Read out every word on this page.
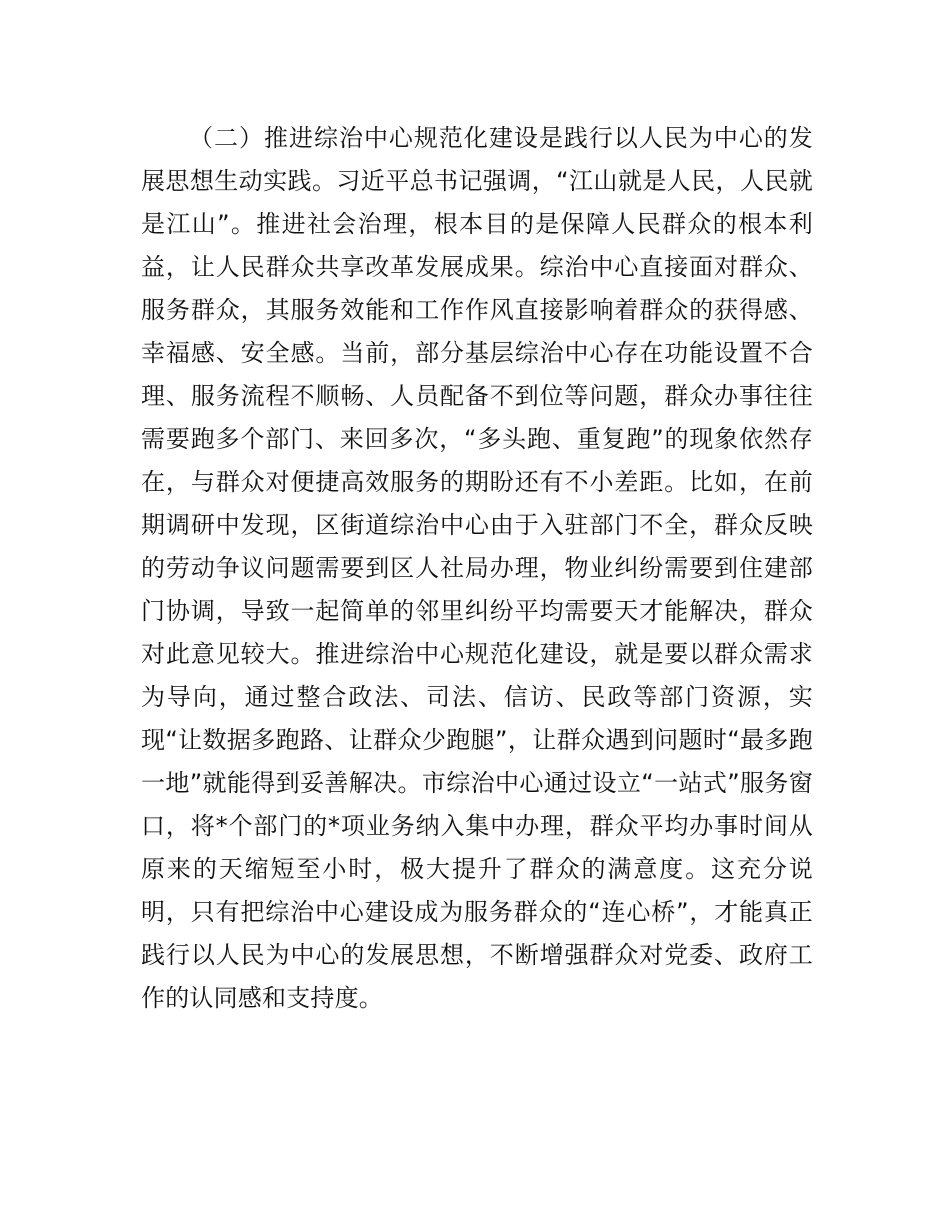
（二）推进综治中心规范化建设是践行以人民为中心的发展思想生动实践。习近平总书记强调，“江山就是人民，人民就是江山”。推进社会治理，根本目的是保障人民群众的根本利益，让人民群众共享改革发展成果。综治中心直接面对群众、服务群众，其服务效能和工作作风直接影响着群众的获得感、幸福感、安全感。当前，部分基层综治中心存在功能设置不合理、服务流程不顺畅、人员配备不到位等问题，群众办事往往需要跑多个部门、来回多次，“多头跑、重复跑”的现象依然存在，与群众对便捷高效服务的期盼还有不小差距。比如，在前期调研中发现，区街道综治中心由于入驻部门不全，群众反映的劳动争议问题需要到区人社局办理，物业纠纷需要到住建部门协调，导致一起简单的邻里纠纷平均需要天才能解决，群众对此意见较大。推进综治中心规范化建设，就是要以群众需求为导向，通过整合政法、司法、信访、民政等部门资源，实现“让数据多跑路、让群众少跑腿”，让群众遇到问题时“最多跑一地”就能得到妥善解决。市综治中心通过设立“一站式”服务窗口，将*个部门的*项业务纳入集中办理，群众平均办事时间从原来的天缩短至小时，极大提升了群众的满意度。这充分说明，只有把综治中心建设成为服务群众的“连心桥”，才能真正践行以人民为中心的发展思想，不断增强群众对党委、政府工作的认同感和支持度。
